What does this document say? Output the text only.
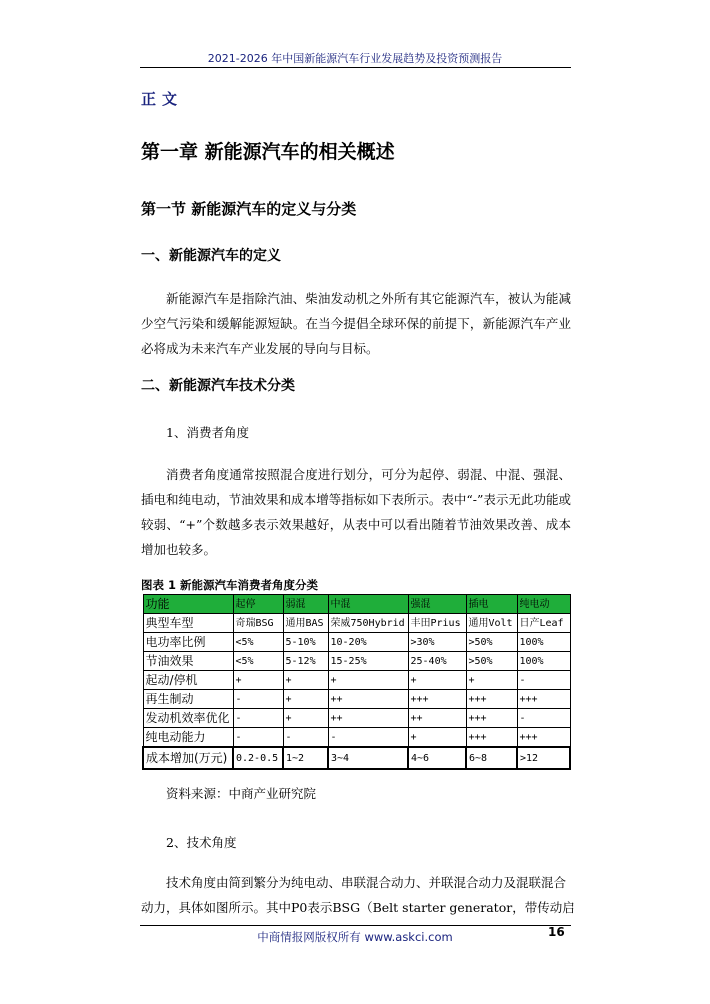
2021-2026 年中国新能源汽车行业发展趋势及投资预测报告
正文
第一章 新能源汽车的相关概述
第一节 新能源汽车的定义与分类
一、新能源汽车的定义
新能源汽车是指除汽油、柴油发动机之外所有其它能源汽车，被认为能减少空气污染和缓解能源短缺。在当今提倡全球环保的前提下，新能源汽车产业必将成为未来汽车产业发展的导向与目标。
二、新能源汽车技术分类
1、消费者角度
消费者角度通常按照混合度进行划分，可分为起停、弱混、中混、强混、插电和纯电动，节油效果和成本增等指标如下表所示。表中“-”表示无此功能或较弱、“+”个数越多表示效果越好，从表中可以看出随着节油效果改善、成本增加也较多。
图表 1 新能源汽车消费者角度分类
功能	起停	弱混	中混	强混	插电	纯电动
典型车型	奇瑞BSG	通用BAS	荣威750Hybrid	丰田Prius	通用Volt	日产Leaf
电功率比例	<5%	5-10%	10-20%	>30%	>50%	100%
节油效果	<5%	5-12%	15-25%	25-40%	>50%	100%
起动/停机	+	+	+	+	+	-
再生制动	-	+	++	+++	+++	+++
发动机效率优化	-	+	++	++	+++	-
纯电动能力	-	-	-	+	+++	+++
成本增加(万元)	0.2-0.5	1~2	3~4	4~6	6~8	>12
资料来源：中商产业研究院
2、技术角度
技术角度由简到繁分为纯电动、串联混合动力、并联混合动力及混联混合
动力，具体如图所示。其中P0表示BSG（Belt starter generator，带传动启
中商情报网版权所有 www.askci.com	16
